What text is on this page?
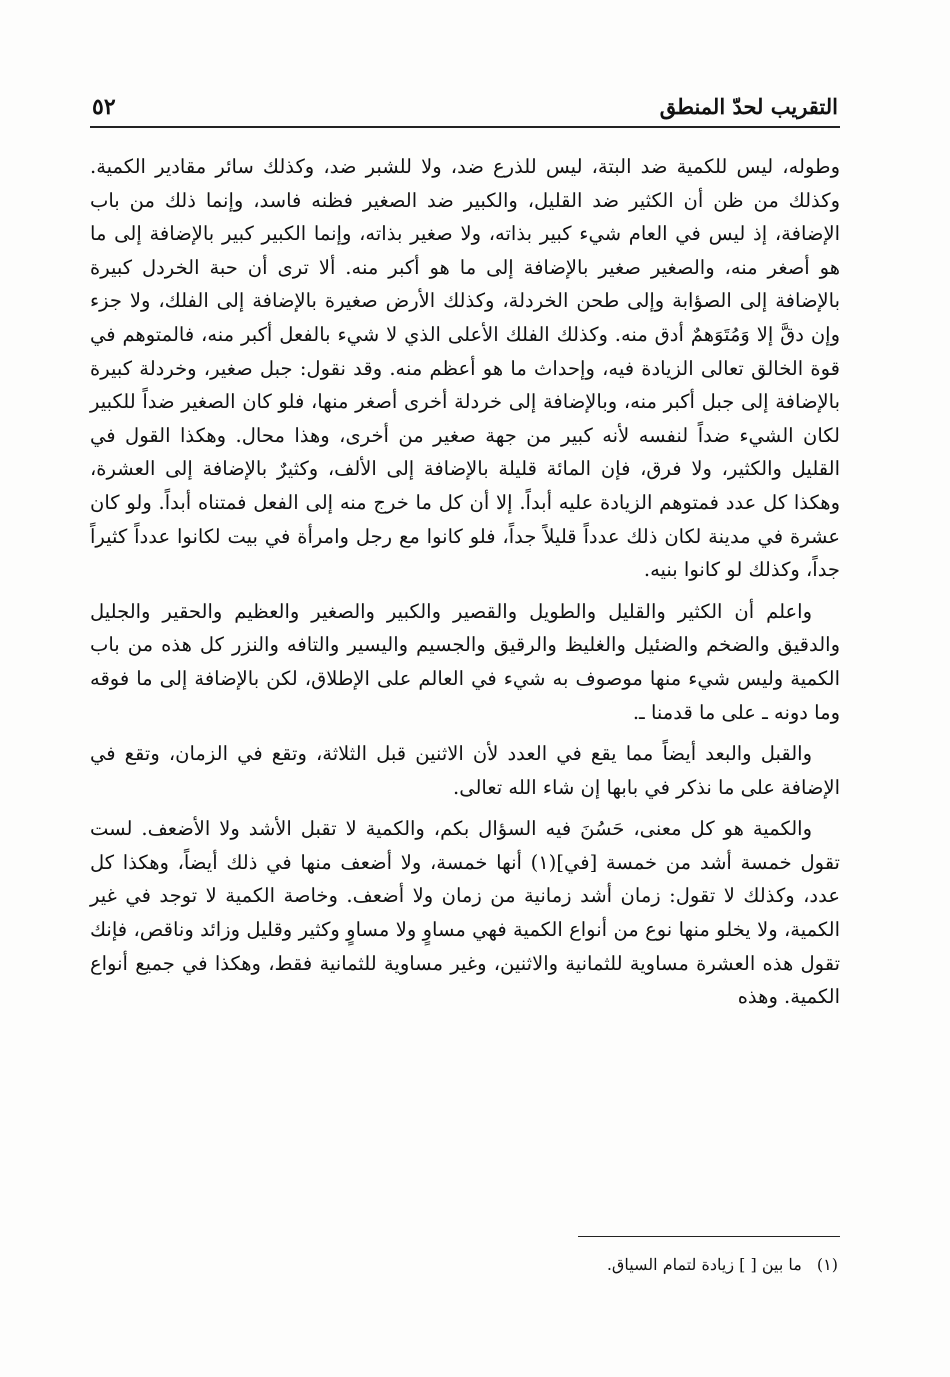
التقريب لحدّ المنطق
٥٢

وطوله، ليس للكمية ضد البتة، ليس للذرع ضد، ولا للشبر ضد، وكذلك سائر مقادير الكمية. وكذلك من ظن أن الكثير ضد القليل، والكبير ضد الصغير فظنه فاسد، وإنما ذلك من باب الإضافة، إذ ليس في العام شيء كبير بذاته، ولا صغير بذاته، وإنما الكبير كبير بالإضافة إلى ما هو أصغر منه، والصغير صغير بالإضافة إلى ما هو أكبر منه. ألا ترى أن حبة الخردل كبيرة بالإضافة إلى الصؤابة وإلى طحن الخردلة، وكذلك الأرض صغيرة بالإضافة إلى الفلك، ولا جزء وإن دقَّ إلا وَمُتَوَهمٌ أدق منه. وكذلك الفلك الأعلى الذي لا شيء بالفعل أكبر منه، فالمتوهم في قوة الخالق تعالى الزيادة فيه، وإحداث ما هو أعظم منه. وقد نقول: جبل صغير، وخردلة كبيرة بالإضافة إلى جبل أكبر منه، وبالإضافة إلى خردلة أخرى أصغر منها، فلو كان الصغير ضداً للكبير لكان الشيء ضداً لنفسه لأنه كبير من جهة صغير من أخرى، وهذا محال. وهكذا القول في القليل والكثير، ولا فرق، فإن المائة قليلة بالإضافة إلى الألف، وكثيرٌ بالإضافة إلى العشرة، وهكذا كل عدد فمتوهم الزيادة عليه أبداً. إلا أن كل ما خرج منه إلى الفعل فمتناه أبداً. ولو كان عشرة في مدينة لكان ذلك عدداً قليلاً جداً، فلو كانوا مع رجل وامرأة في بيت لكانوا عدداً كثيراً جداً، وكذلك لو كانوا بنيه.

واعلم أن الكثير والقليل والطويل والقصير والكبير والصغير والعظيم والحقير والجليل والدقيق والضخم والضئيل والغليظ والرقيق والجسيم واليسير والتافه والنزر كل هذه من باب الكمية وليس شيء منها موصوف به شيء في العالم على الإطلاق، لكن بالإضافة إلى ما فوقه وما دونه ـ على ما قدمنا ـ.

والقبل والبعد أيضاً مما يقع في العدد لأن الاثنين قبل الثلاثة، وتقع في الزمان، وتقع في الإضافة على ما نذكر في بابها إن شاء الله تعالى.

والكمية هو كل معنى، حَسُنَ فيه السؤال بكم، والكمية لا تقبل الأشد ولا الأضعف. لست تقول خمسة أشد من خمسة [في](١) أنها خمسة، ولا أضعف منها في ذلك أيضاً، وهكذا كل عدد، وكذلك لا تقول: زمان أشد زمانية من زمان ولا أضعف. وخاصة الكمية لا توجد في غير الكمية، ولا يخلو منها نوع من أنواع الكمية فهي مساوٍ ولا مساوٍ وكثير وقليل وزائد وناقص، فإنك تقول هذه العشرة مساوية للثمانية والاثنين، وغير مساوية للثمانية فقط، وهكذا في جميع أنواع الكمية. وهذه

(١) ما بين [ ] زيادة لتمام السياق.
